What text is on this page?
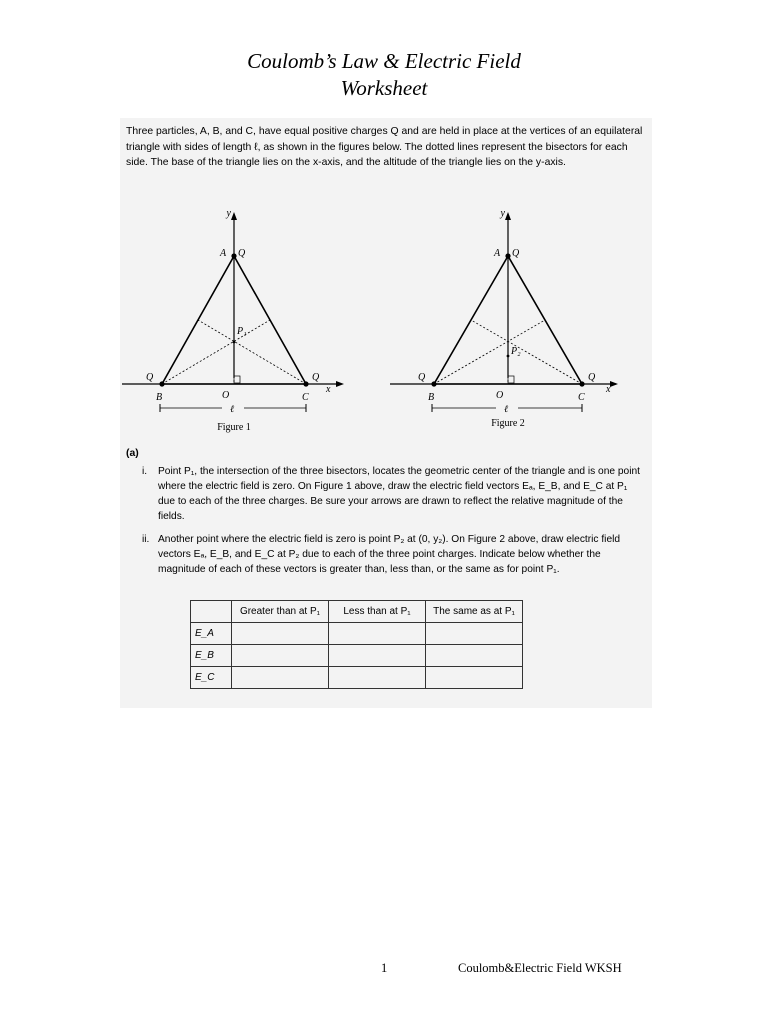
Coulomb’s Law & Electric Field
Worksheet

Three particles, A, B, and C, have equal positive charges Q and are held in place at the vertices of an equilateral triangle with sides of length ℓ, as shown in the figures below. The dotted lines represent the bisectors for each side. The base of the triangle lies on the x-axis, and the altitude of the triangle lies on the y-axis.

y
x
A Q
Q
B
Q
C
O
P₁
ℓ
Figure 1
y
x
A Q
Q
B
Q
C
O
P₂
ℓ
Figure 2
(a)
i. Point P₁, the intersection of the three bisectors, locates the geometric center of the triangle and is one point where the electric field is zero. On Figure 1 above, draw the electric field vectors Eₐ, E_B, and E_C at P₁ due to each of the three charges. Be sure your arrows are drawn to reflect the relative magnitude of the fields.

ii. Another point where the electric field is zero is point P₂ at (0, y₂). On Figure 2 above, draw electric field vectors Eₐ, E_B, and E_C at P₂ due to each of the three point charges. Indicate below whether the magnitude of each of these vectors is greater than, less than, or the same as for point P₁.

	Greater than at P₁	Less than at P₁	The same as at P₁
E_A			
E_B			
E_C			
1	Coulomb&Electric Field WKSH
